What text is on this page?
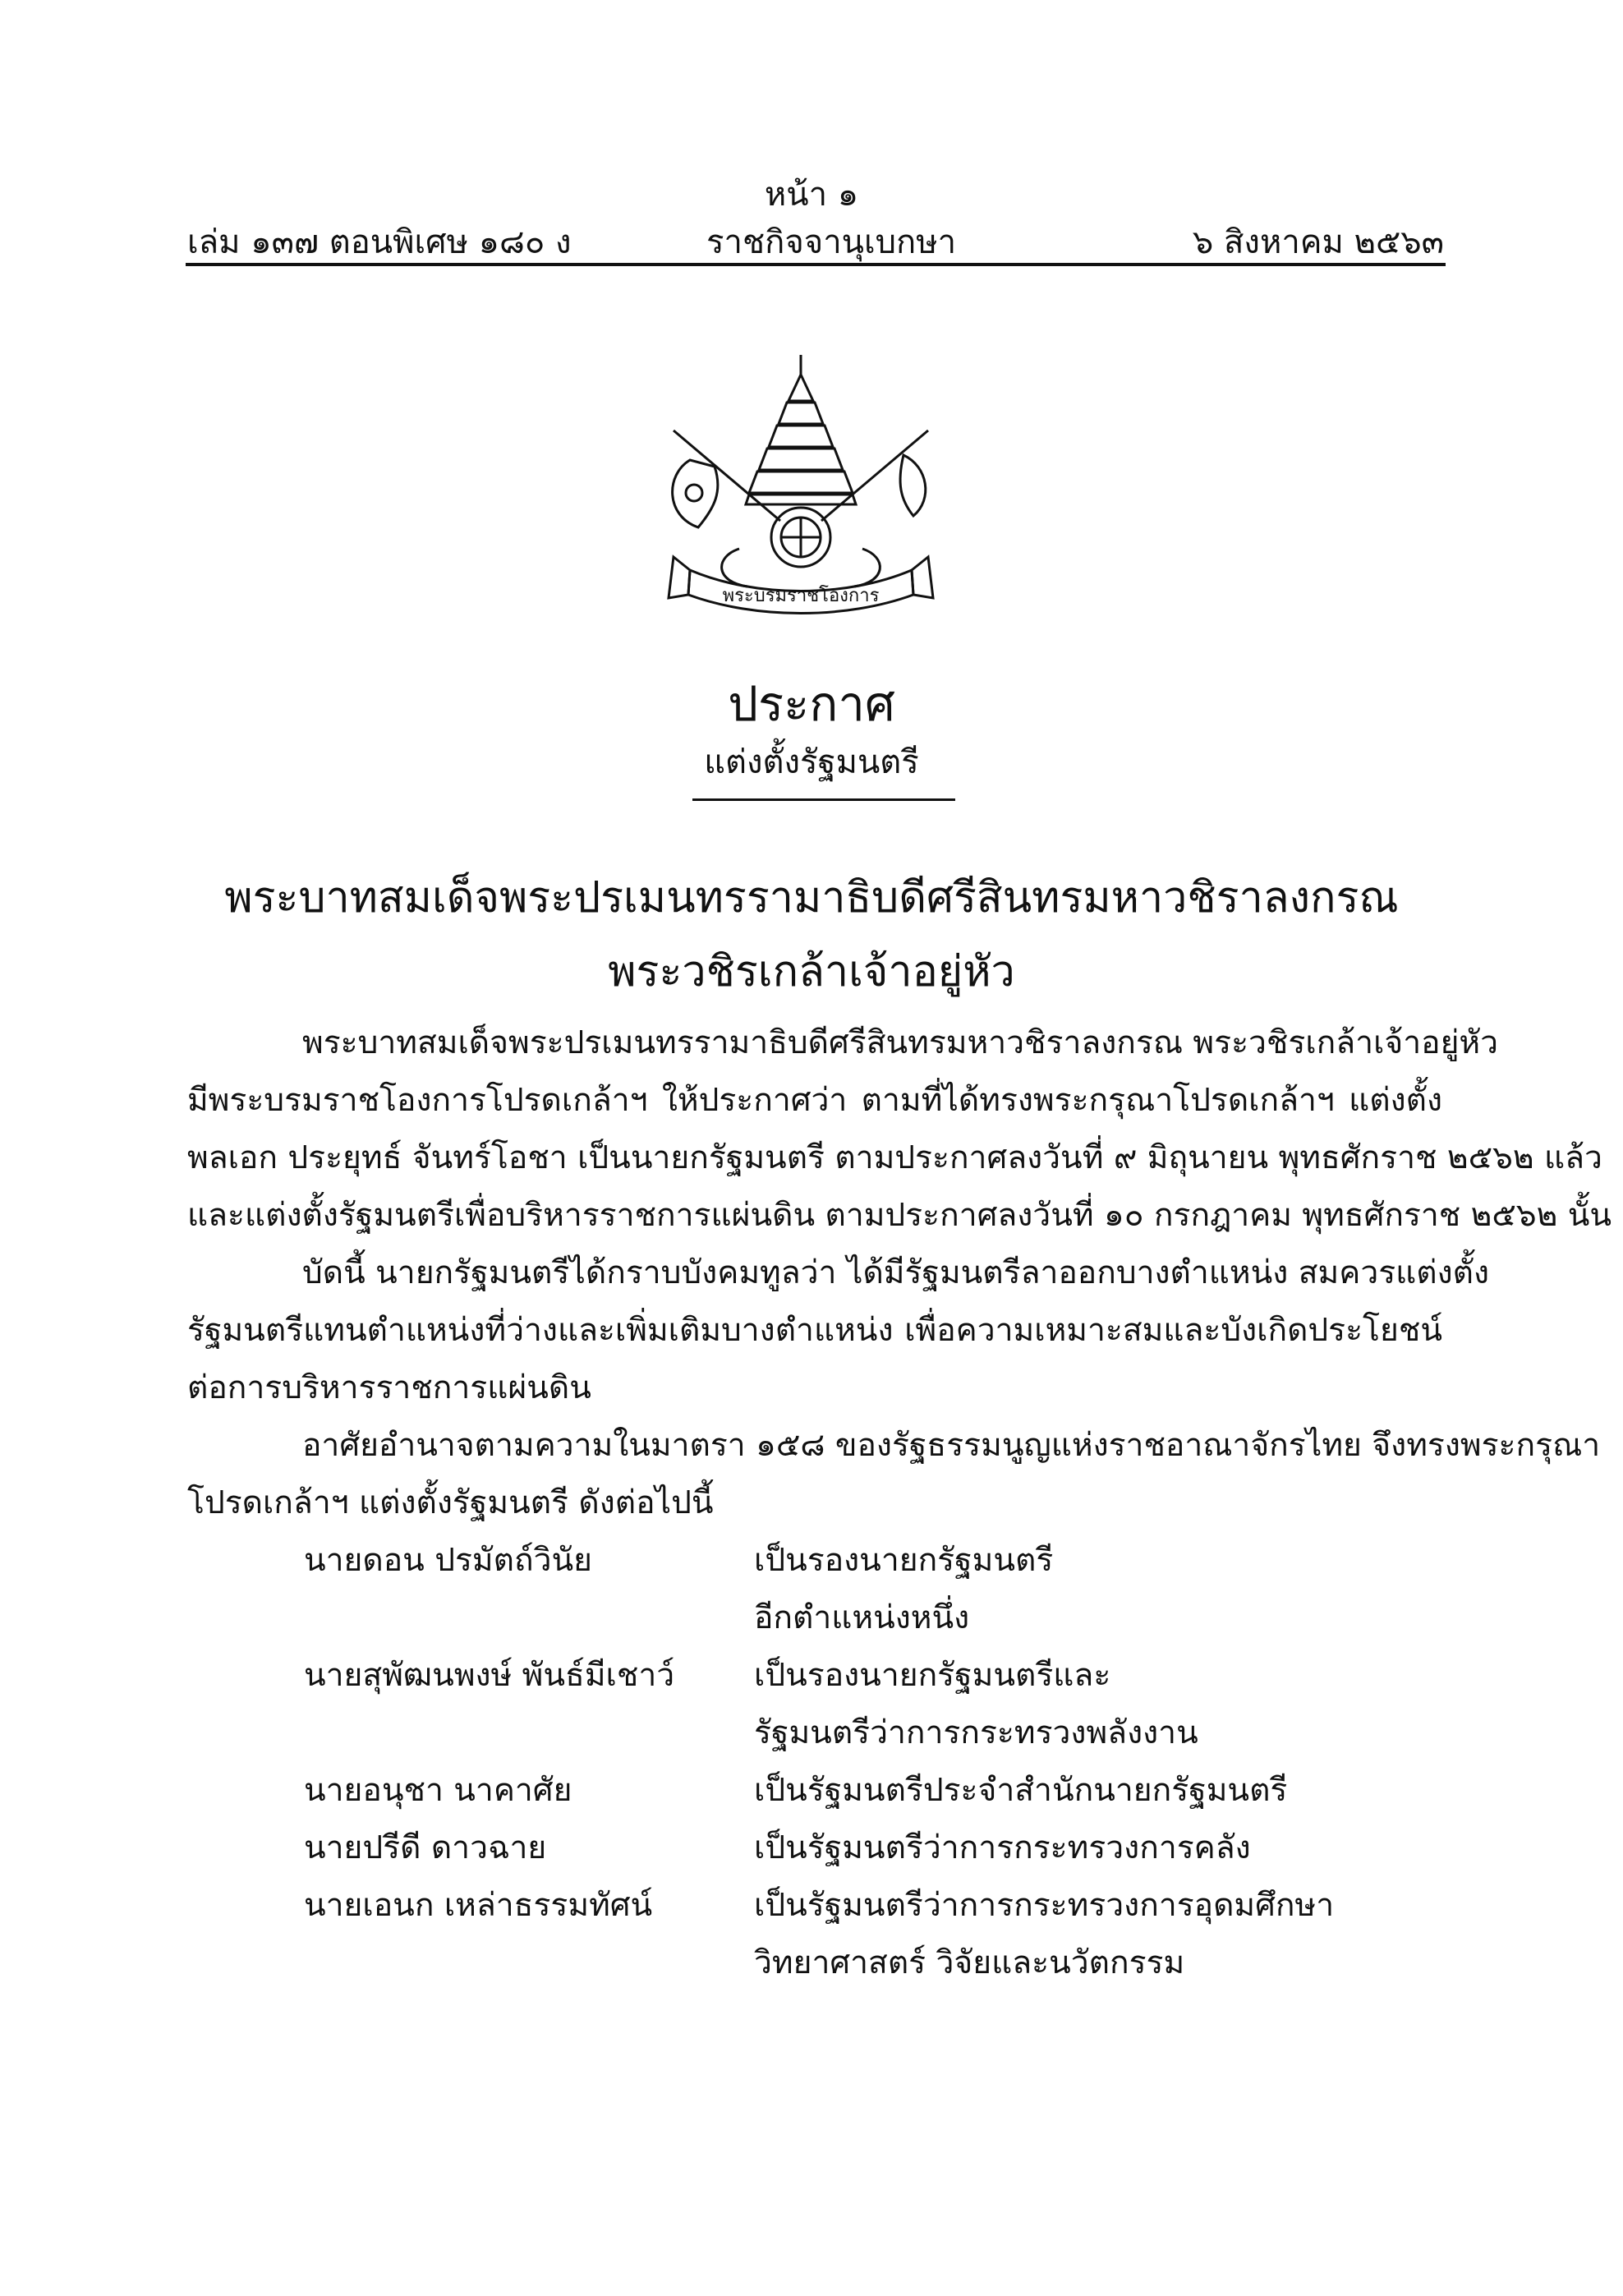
หน้า ๑
เล่ม ๑๓๗ ตอนพิเศษ ๑๘๐ ง	ราชกิจจานุเบกษา	๖ สิงหาคม ๒๕๖๓
พระบรมราชโองการ
ประกาศ
แต่งตั้งรัฐมนตรี
พระบาทสมเด็จพระปรเมนทรรามาธิบดีศรีสินทรมหาวชิราลงกรณ
พระวชิรเกล้าเจ้าอยู่หัว
พระบาทสมเด็จพระปรเมนทรรามาธิบดีศรีสินทรมหาวชิราลงกรณ พระวชิรเกล้าเจ้าอยู่หัว
มีพระบรมราชโองการโปรดเกล้าฯ ให้ประกาศว่า ตามที่ได้ทรงพระกรุณาโปรดเกล้าฯ แต่งตั้ง
พลเอก ประยุทธ์ จันทร์โอชา เป็นนายกรัฐมนตรี ตามประกาศลงวันที่ ๙ มิถุนายน พุทธศักราช ๒๕๖๒ แล้ว
และแต่งตั้งรัฐมนตรีเพื่อบริหารราชการแผ่นดิน ตามประกาศลงวันที่ ๑๐ กรกฎาคม พุทธศักราช ๒๕๖๒ นั้น
บัดนี้ นายกรัฐมนตรีได้กราบบังคมทูลว่า ได้มีรัฐมนตรีลาออกบางตำแหน่ง สมควรแต่งตั้ง
รัฐมนตรีแทนตำแหน่งที่ว่างและเพิ่มเติมบางตำแหน่ง เพื่อความเหมาะสมและบังเกิดประโยชน์
ต่อการบริหารราชการแผ่นดิน
อาศัยอำนาจตามความในมาตรา ๑๕๘ ของรัฐธรรมนูญแห่งราชอาณาจักรไทย จึงทรงพระกรุณา
โปรดเกล้าฯ แต่งตั้งรัฐมนตรี ดังต่อไปนี้
นายดอน ปรมัตถ์วินัย	เป็นรองนายกรัฐมนตรี
อีกตำแหน่งหนึ่ง
นายสุพัฒนพงษ์ พันธ์มีเชาว์ เป็นรองนายกรัฐมนตรีและ
รัฐมนตรีว่าการกระทรวงพลังงาน
นายอนุชา นาคาศัย	เป็นรัฐมนตรีประจำสำนักนายกรัฐมนตรี
นายปรีดี ดาวฉาย	เป็นรัฐมนตรีว่าการกระทรวงการคลัง
นายเอนก เหล่าธรรมทัศน์	เป็นรัฐมนตรีว่าการกระทรวงการอุดมศึกษา
วิทยาศาสตร์ วิจัยและนวัตกรรม
